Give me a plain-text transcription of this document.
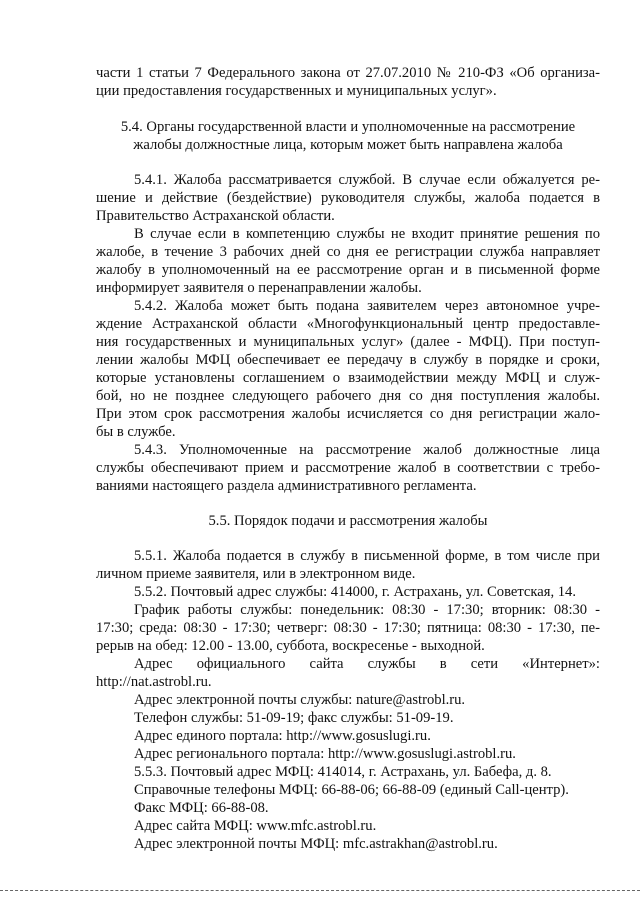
части 1 статьи 7 Федерального закона от 27.07.2010 № 210-ФЗ «Об организа-
ции предоставления государственных и муниципальных услуг».
5.4. Органы государственной власти и уполномоченные на рассмотрение
жалобы должностные лица, которым может быть направлена жалоба
5.4.1. Жалоба рассматривается службой. В случае если обжалуется ре-
шение и действие (бездействие) руководителя службы, жалоба подается в
Правительство Астраханской области.
В случае если в компетенцию службы не входит принятие решения по
жалобе, в течение 3 рабочих дней со дня ее регистрации служба направляет
жалобу в уполномоченный на ее рассмотрение орган и в письменной форме
информирует заявителя о перенаправлении жалобы.
5.4.2. Жалоба может быть подана заявителем через автономное учре-
ждение Астраханской области «Многофункциональный центр предоставле-
ния государственных и муниципальных услуг» (далее - МФЦ). При поступ-
лении жалобы МФЦ обеспечивает ее передачу в службу в порядке и сроки,
которые установлены соглашением о взаимодействии между МФЦ и служ-
бой, но не позднее следующего рабочего дня со дня поступления жалобы.
При этом срок рассмотрения жалобы исчисляется со дня регистрации жало-
бы в службе.
5.4.3. Уполномоченные на рассмотрение жалоб должностные лица
службы обеспечивают прием и рассмотрение жалоб в соответствии с требо-
ваниями настоящего раздела административного регламента.
5.5. Порядок подачи и рассмотрения жалобы
5.5.1. Жалоба подается в службу в письменной форме, в том числе при
личном приеме заявителя, или в электронном виде.
5.5.2. Почтовый адрес службы: 414000, г. Астрахань, ул. Советская, 14.
График работы службы: понедельник: 08:30 - 17:30; вторник: 08:30 -
17:30; среда: 08:30 - 17:30; четверг: 08:30 - 17:30; пятница: 08:30 - 17:30, пе-
рерыв на обед: 12.00 - 13.00, суббота, воскресенье - выходной.
Адрес официального сайта службы в сети «Интернет»:
http://nat.astrobl.ru.
Адрес электронной почты службы: nature@astrobl.ru.
Телефон службы: 51-09-19; факс службы: 51-09-19.
Адрес единого портала: http://www.gosuslugi.ru.
Адрес регионального портала: http://www.gosuslugi.astrobl.ru.
5.5.3. Почтовый адрес МФЦ: 414014, г. Астрахань, ул. Бабефа, д. 8.
Справочные телефоны МФЦ: 66-88-06; 66-88-09 (единый Call-центр).
Факс МФЦ: 66-88-08.
Адрес сайта МФЦ: www.mfc.astrobl.ru.
Адрес электронной почты МФЦ: mfc.astrakhan@astrobl.ru.
